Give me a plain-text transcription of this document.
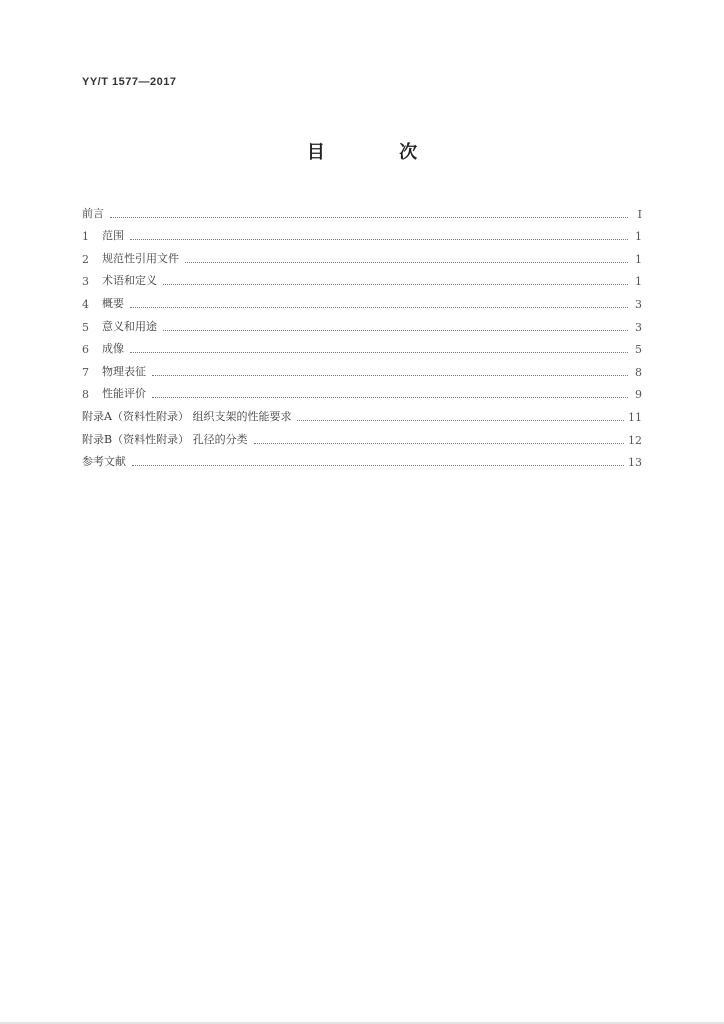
YY/T 1577—2017
目 次
前言	Ⅰ
1	范围	1
2	规范性引用文件	1
3	术语和定义	1
4	概要	3
5	意义和用途	3
6	成像	5
7	物理表征	8
8	性能评价	9
附录A（资料性附录） 组织支架的性能要求	11
附录B（资料性附录） 孔径的分类	12
参考文献	13
